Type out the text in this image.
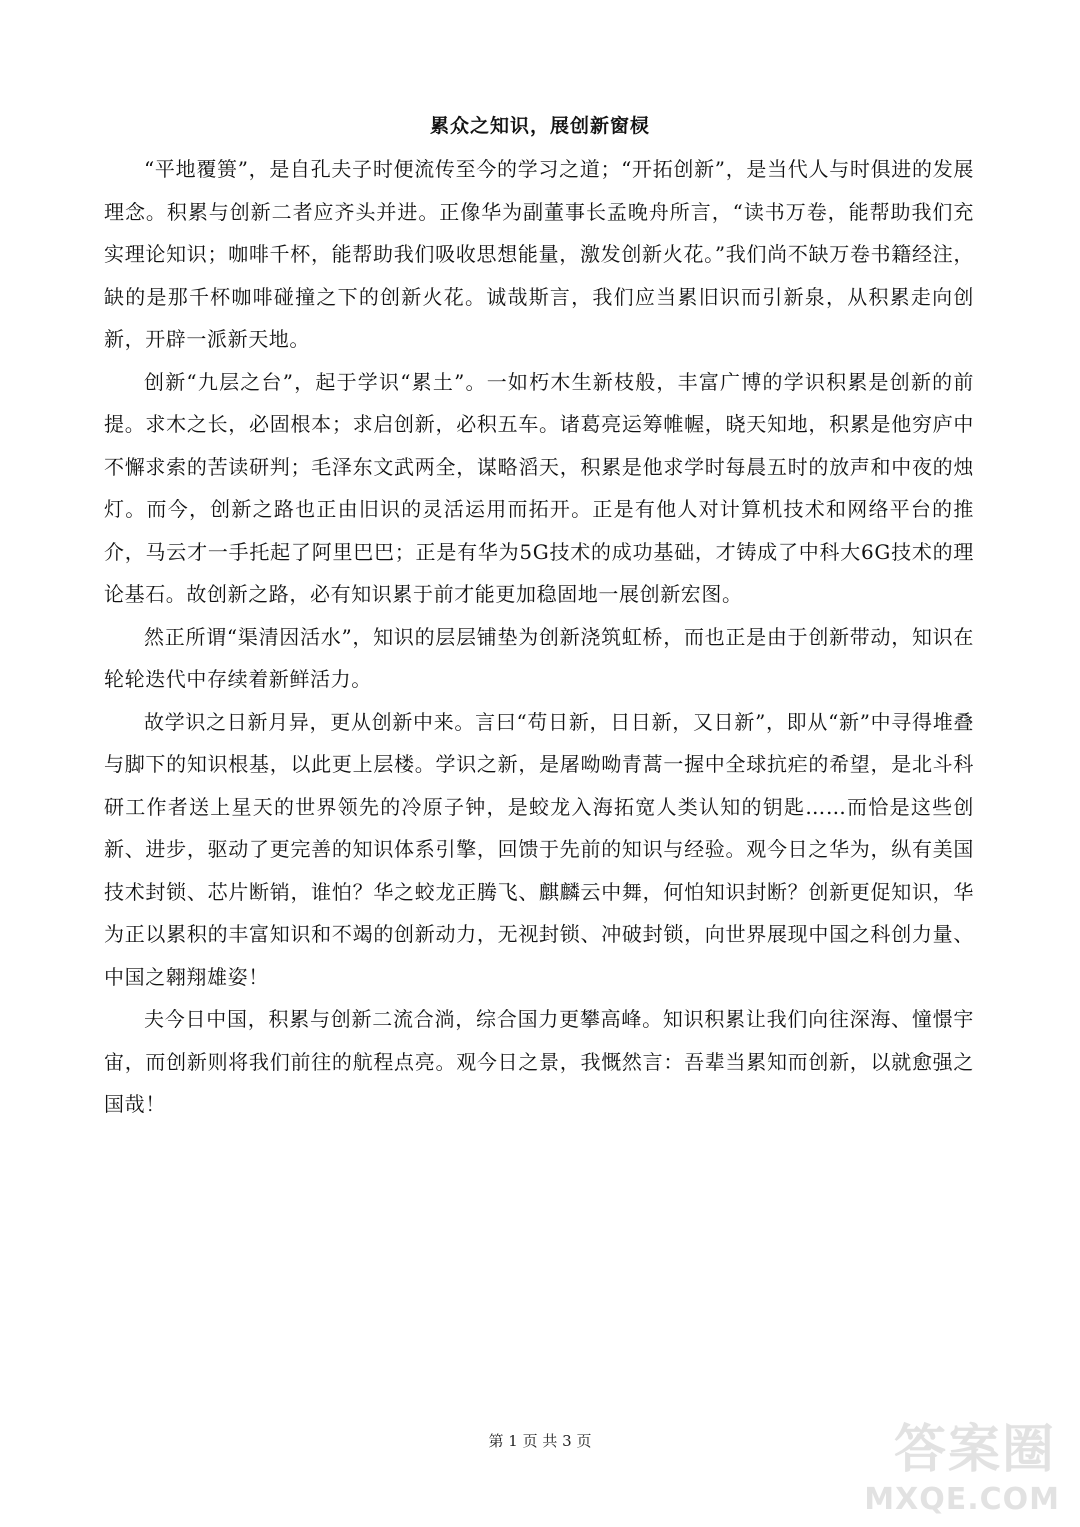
累众之知识，展创新窗棂

“平地覆篑”，是自孔夫子时便流传至今的学习之道；“开拓创新”，是当代人与时俱进的发展理念。积累与创新二者应齐头并进。正像华为副董事长孟晚舟所言，“读书万卷，能帮助我们充实理论知识；咖啡千杯，能帮助我们吸收思想能量，激发创新火花。”我们尚不缺万卷书籍经注，缺的是那千杯咖啡碰撞之下的创新火花。诚哉斯言，我们应当累旧识而引新泉，从积累走向创新，开辟一派新天地。

创新“九层之台”，起于学识“累土”。一如朽木生新枝般，丰富广博的学识积累是创新的前提。求木之长，必固根本；求启创新，必积五车。诸葛亮运筹帷幄，晓天知地，积累是他穷庐中不懈求索的苦读研判；毛泽东文武两全，谋略滔天，积累是他求学时每晨五时的放声和中夜的烛灯。而今，创新之路也正由旧识的灵活运用而拓开。正是有他人对计算机技术和网络平台的推介，马云才一手托起了阿里巴巴；正是有华为5G技术的成功基础，才铸成了中科大6G技术的理论基石。故创新之路，必有知识累于前才能更加稳固地一展创新宏图。

然正所谓“渠清因活水”，知识的层层铺垫为创新浇筑虹桥，而也正是由于创新带动，知识在轮轮迭代中存续着新鲜活力。

故学识之日新月异，更从创新中来。言曰“苟日新，日日新，又日新”，即从“新”中寻得堆叠与脚下的知识根基，以此更上层楼。学识之新，是屠呦呦青蒿一握中全球抗疟的希望，是北斗科研工作者送上星天的世界领先的冷原子钟，是蛟龙入海拓宽人类认知的钥匙……而恰是这些创新、进步，驱动了更完善的知识体系引擎，回馈于先前的知识与经验。观今日之华为，纵有美国技术封锁、芯片断销，谁怕？华之蛟龙正腾飞、麒麟云中舞，何怕知识封断？创新更促知识，华为正以累积的丰富知识和不竭的创新动力，无视封锁、冲破封锁，向世界展现中国之科创力量、中国之翱翔雄姿！

夫今日中国，积累与创新二流合淌，综合国力更攀高峰。知识积累让我们向往深海、憧憬宇宙，而创新则将我们前往的航程点亮。观今日之景，我慨然言：吾辈当累知而创新，以就愈强之国哉！

第 1 页 共 3 页	答案圈
MXQE.COM
